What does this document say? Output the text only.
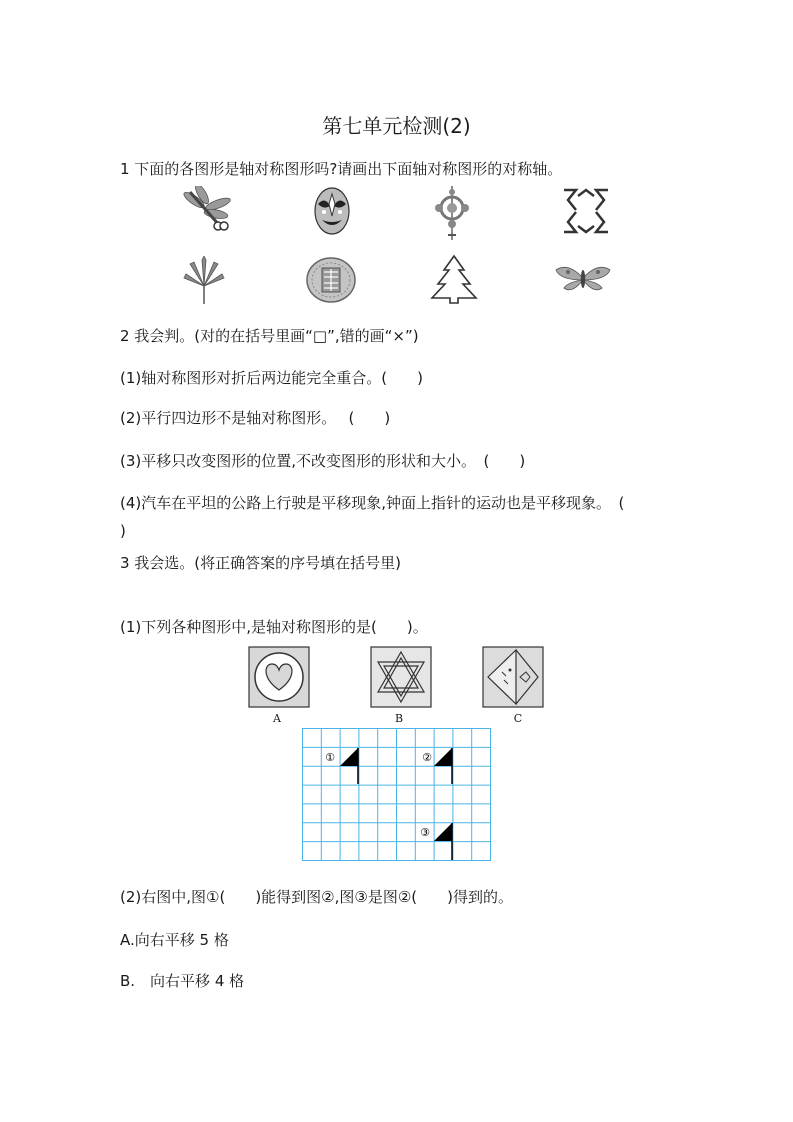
第七单元检测(2)
1 下面的各图形是轴对称图形吗?请画出下面轴对称图形的对称轴。
2 我会判。(对的在括号里画“□”,错的画“×”)
(1)轴对称图形对折后两边能完全重合。(　　)
(2)平行四边形不是轴对称图形。　 (　　)
(3)平移只改变图形的位置,不改变图形的形状和大小。　(　　)
(4)汽车在平坦的公路上行驶是平移现象,钟面上指针的运动也是平移现象。　(
)
3 我会选。(将正确答案的序号填在括号里)
(1)下列各种图形中,是轴对称图形的是(　　)。
A	B	C
①	②
③
(2)右图中,图①(　　)能得到图②,图③是图②(　　)得到的。
A.向右平移 5 格
B.　向右平移 4 格
